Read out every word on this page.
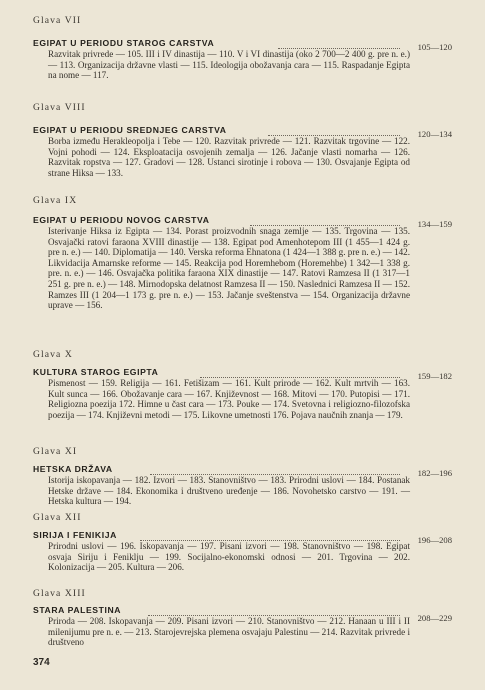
Glava VII
EGIPAT U PERIODU STAROG CARSTVA
Razvitak privrede — 105. III i IV dinastija — 110. V i VI dinastija (oko 2 700—2 400 g. pre n. e.) — 113. Organizacija državne vlasti — 115. Ideologija obožavanja cara — 115. Raspadanje Egipta na nome — 117.
105—120
Glava VIII
EGIPAT U PERIODU SREDNJEG CARSTVA
Borba između Herakleopolja i Tebe — 120. Razvitak privrede — 121. Razvitak trgovine — 122. Vojni pohodi — 124. Eksploatacija osvojenih zemalja — 126. Jačanje vlasti nomarha — 126. Razvitak ropstva — 127. Gradovi — 128. Ustanci sirotinje i robova — 130. Osvajanje Egipta od strane Hiksa — 133.
120—134
Glava IX
EGIPAT U PERIODU NOVOG CARSTVA
Isterivanje Hiksa iz Egipta — 134. Porast proizvodnih snaga zemlje — 135. Trgovina — 135. Osvajački ratovi faraona XVIII dinastije — 138. Egipat pod Amenhotepom III (1 455—1 424 g. pre n. e.) — 140. Diplomatija — 140. Verska reforma Ehnatona (1 424—1 388 g. pre n. e.) — 142. Likvidacija Amarnske reforme — 145. Reakcija pod Horemhebom (Horemehbe) 1 342—1 338 g. pre. n. e.) — 146. Osvajačka politika faraona XIX dinastije — 147. Ratovi Ramzesa II (1 317—1 251 g. pre n. e.) — 148. Mirnodopska delatnost Ramzesa II — 150. Naslednici Ramzesa II — 152. Ramzes III (1 204—1 173 g. pre n. e.) — 153. Jačanje sveštenstva — 154. Organizacija državne uprave — 156.
134—159
Glava X
KULTURA STAROG EGIPTA
Pismenost — 159. Religija — 161. Fetišizam — 161. Kult prirode — 162. Kult mrtvih — 163. Kult sunca — 166. Obožavanje cara — 167. Književnost — 168. Mitovi — 170. Putopisi — 171. Religiozna poezija 172. Himne u čast cara — 173. Pouke — 174. Svetovna i religiozno-filozofska poezija — 174. Književni metodi — 175. Likovne umetnosti 176. Pojava naučnih znanja — 179.
159—182
Glava XI
HETSKA DRŽAVA
Istorija iskopavanja — 182. Izvori — 183. Stanovništvo — 183. Prirodni uslovi — 184. Postanak Hetske države — 184. Ekonomika i društveno uređenje — 186. Novohetsko carstvo — 191. — Hetska kultura — 194.
182—196
Glava XII
SIRIJA I FENIKIJA
Prirodni uslovi — 196. Iskopavanja — 197. Pisani izvori — 198. Stanovništvo — 198. Egipat osvaja Siriju i Feniklju — 199. Socijalno-ekonomski odnosi — 201. Trgovina — 202. Kolonizacija — 205. Kultura — 206.
196—208
Glava XIII
STARA PALESTINA
Priroda — 208. Iskopavanja — 209. Pisani izvori — 210. Stanovništvo — 212. Hanaan u III i II milenijumu pre n. e. — 213. Starojevrejska plemena osvajaju Palestinu — 214. Razvitak privrede i društveno
208—229
374
